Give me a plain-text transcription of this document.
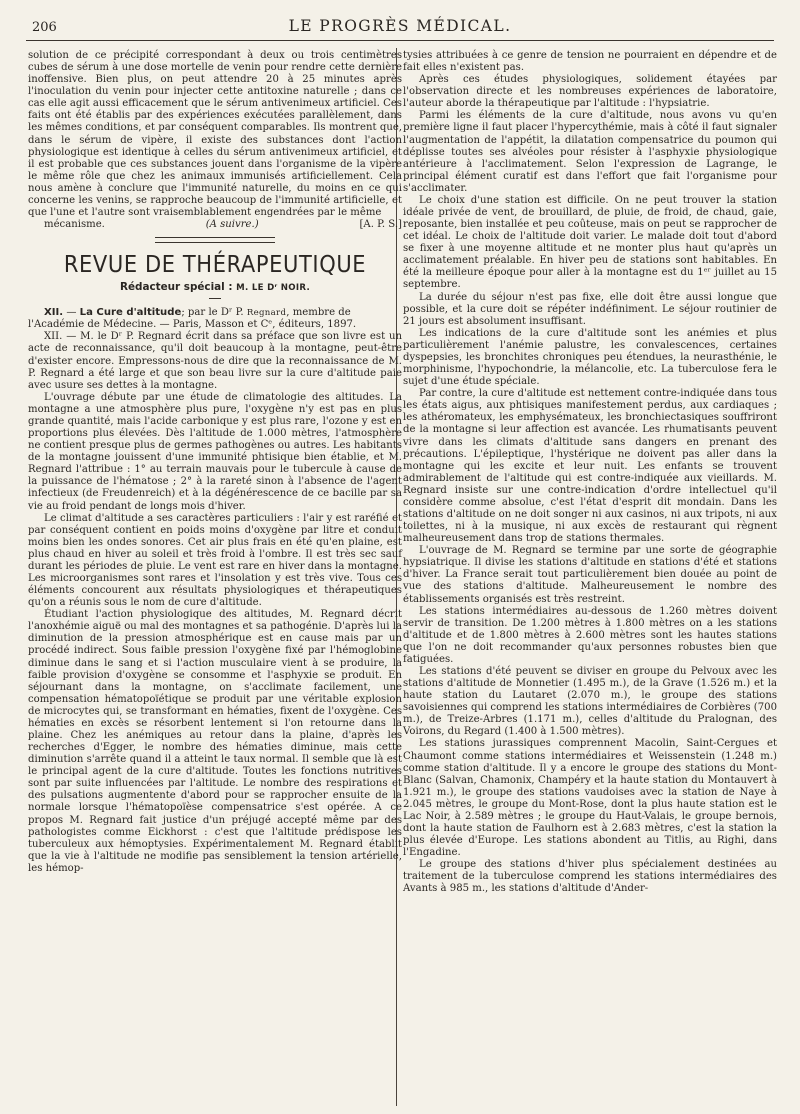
206	LE PROGRÈS MÉDICAL.

solution de ce précipité correspondant à deux ou trois centimètres cubes de sérum à une dose mortelle de venin pour rendre cette dernière inoffensive. Bien plus, on peut attendre 20 à 25 minutes après l'inoculation du venin pour injecter cette antitoxine naturelle ; dans ce cas elle agit aussi efficacement que le sérum antivenimeux artificiel. Ces faits ont été établis par des expériences exécutées parallèlement, dans les mêmes conditions, et par conséquent comparables. Ils montrent que, dans le sérum de vipère, il existe des substances dont l'action physiologique est identique à celles du sérum antivenimeux artificiel, et il est probable que ces substances jouent dans l'organisme de la vipère le même rôle que chez les animaux immunisés artificiellement. Cela nous amène à conclure que l'immunité naturelle, du moins en ce qui concerne les venins, se rapproche beaucoup de l'immunité artificielle, et que l'une et l'autre sont vraisemblablement engendrées par le même

mécanisme.	(A suivre.)	[A. P. S.]

REVUE DE THÉRAPEUTIQUE
Rédacteur spécial : M. LE Dʳ NOIR.

XII. — La Cure d'altitude; par le Dʳ P. Regnard, membre de
l'Académie de Médecine. — Paris, Masson et Cᵉ, éditeurs, 1897.

XII. — M. le Dʳ P. Regnard écrit dans sa préface que son livre est un acte de reconnaissance, qu'il doit beaucoup à la montagne, peut-être d'exister encore. Empressons-nous de dire que la reconnaissance de M. P. Regnard a été large et que son beau livre sur la cure d'altitude paie avec usure ses dettes à la montagne.

L'ouvrage débute par une étude de climatologie des altitudes. La montagne a une atmosphère plus pure, l'oxygène n'y est pas en plus grande quantité, mais l'acide carbonique y est plus rare, l'ozone y est en proportions plus élevées. Dès l'altitude de 1.000 mètres, l'atmosphère ne contient presque plus de germes pathogènes ou autres. Les habitants de la montagne jouissent d'une immunité phtisique bien établie, et M. Regnard l'attribue : 1° au terrain mauvais pour le tubercule à cause de la puissance de l'hématose ; 2° à la rareté sinon à l'absence de l'agent infectieux (de Freudenreich) et à la dégénérescence de ce bacille par sa vie au froid pendant de longs mois d'hiver.

Le climat d'altitude a ses caractères particuliers : l'air y est raréfié et par conséquent contient en poids moins d'oxygène par litre et conduit moins bien les ondes sonores. Cet air plus frais en été qu'en plaine, est plus chaud en hiver au soleil et très froid à l'ombre. Il est très sec sauf durant les périodes de pluie. Le vent est rare en hiver dans la montagne. Les microorganismes sont rares et l'insolation y est très vive. Tous ces éléments concourent aux résultats physiologiques et thérapeutiques qu'on a réunis sous le nom de cure d'altitude.

Étudiant l'action physiologique des altitudes, M. Regnard décrit l'anoxhémie aiguë ou mal des montagnes et sa pathogénie. D'après lui la diminution de la pression atmosphérique est en cause mais par un procédé indirect. Sous faible pression l'oxygène fixé par l'hémoglobine diminue dans le sang et si l'action musculaire vient à se produire, la faible provision d'oxygène se consomme et l'asphyxie se produit. En séjournant dans la montagne, on s'acclimate facilement, une compensation hématopoïétique se produit par une véritable explosion de microcytes qui, se transformant en hématies, fixent de l'oxygène. Ces hématies en excès se résorbent lentement si l'on retourne dans la plaine. Chez les anémiques au retour dans la plaine, d'après les recherches d'Egger, le nombre des hématies diminue, mais cette diminution s'arrête quand il a atteint le taux normal. Il semble que là est le principal agent de la cure d'altitude. Toutes les fonctions nutritives sont par suite influencées par l'altitude. Le nombre des respirations et des pulsations augmentente d'abord pour se rapprocher ensuite de la normale lorsque l'hématopoïèse compensatrice s'est opérée. A ce propos M. Regnard fait justice d'un préjugé accepté même par des pathologistes comme Eickhorst : c'est que l'altitude prédispose les tuberculeux aux hémoptysies. Expérimentalement M. Regnard établit que la vie à l'altitude ne modifie pas sensiblement la tension artérielle, les hémop-

tysies attribuées à ce genre de tension ne pourraient en dépendre et de fait elles n'existent pas.

Après ces études physiologiques, solidement étayées par l'observation directe et les nombreuses expériences de laboratoire, l'auteur aborde la thérapeutique par l'altitude : l'hypsiatrie.

Parmi les éléments de la cure d'altitude, nous avons vu qu'en première ligne il faut placer l'hypercythémie, mais à côté il faut signaler l'augmentation de l'appétit, la dilatation compensatrice du poumon qui déplisse toutes ses alvéoles pour résister à l'asphyxie physiologique antérieure à l'acclimatement. Selon l'expression de Lagrange, le principal élément curatif est dans l'effort que fait l'organisme pour s'acclimater.

Le choix d'une station est difficile. On ne peut trouver la station idéale privée de vent, de brouillard, de pluie, de froid, de chaud, gaie, reposante, bien installée et peu coûteuse, mais on peut se rapprocher de cet idéal. Le choix de l'altitude doit varier. Le malade doit tout d'abord se fixer à une moyenne altitude et ne monter plus haut qu'après un acclimatement préalable. En hiver peu de stations sont habitables. En été la meilleure époque pour aller à la montagne est du 1ᵉʳ juillet au 15 septembre.

La durée du séjour n'est pas fixe, elle doit être aussi longue que possible, et la cure doit se répéter indéfiniment. Le séjour routinier de 21 jours est absolument insuffisant.

Les indications de la cure d'altitude sont les anémies et plus particulièrement l'anémie palustre, les convalescences, certaines dyspepsies, les bronchites chroniques peu étendues, la neurasthénie, le morphinisme, l'hypochondrie, la mélancolie, etc. La tuberculose fera le sujet d'une étude spéciale.

Par contre, la cure d'altitude est nettement contre-indiquée dans tous les états aigus, aux phtisiques manifestement perdus, aux cardiaques ; les athéromateux, les emphysémateux, les bronchiectasiques souffriront de la montagne si leur affection est avancée. Les rhumatisants peuvent vivre dans les climats d'altitude sans dangers en prenant des précautions. L'épileptique, l'hystérique ne doivent pas aller dans la montagne qui les excite et leur nuit. Les enfants se trouvent admirablement de l'altitude qui est contre-indiquée aux vieillards. M. Regnard insiste sur une contre-indication d'ordre intellectuel qu'il considère comme absolue, c'est l'état d'esprit dit mondain. Dans les stations d'altitude on ne doit songer ni aux casinos, ni aux tripots, ni aux toilettes, ni à la musique, ni aux excès de restaurant qui règnent malheureusement dans trop de stations thermales.

L'ouvrage de M. Regnard se termine par une sorte de géographie hypsiatrique. Il divise les stations d'altitude en stations d'été et stations d'hiver. La France serait tout particulièrement bien douée au point de vue des stations d'altitude. Malheureusement le nombre des établissements organisés est très restreint.

Les stations intermédiaires au-dessous de 1.260 mètres doivent servir de transition. De 1.200 mètres à 1.800 mètres on a les stations d'altitude et de 1.800 mètres à 2.600 mètres sont les hautes stations que l'on ne doit recommander qu'aux personnes robustes bien que fatiguées.

Les stations d'été peuvent se diviser en groupe du Pelvoux avec les stations d'altitude de Monnetier (1.495 m.), de la Grave (1.526 m.) et la haute station du Lautaret (2.070 m.), le groupe des stations savoisiennes qui comprend les stations intermédiaires de Corbières (700 m.), de Treize-Arbres (1.171 m.), celles d'altitude du Pralognan, des Voirons, du Regard (1.400 à 1.500 mètres).

Les stations jurassiques comprennent Macolin, Saint-Cergues et Chaumont comme stations intermédiaires et Weissenstein (1.248 m.) comme station d'altitude. Il y a encore le groupe des stations du Mont-Blanc (Salvan, Chamonix, Champéry et la haute station du Montauvert à 1.921 m.), le groupe des stations vaudoises avec la station de Naye à 2.045 mètres, le groupe du Mont-Rose, dont la plus haute station est le Lac Noir, à 2.589 mètres ; le groupe du Haut-Valais, le groupe bernois, dont la haute station de Faulhorn est à 2.683 mètres, c'est la station la plus élevée d'Europe. Les stations abondent au Titlis, au Righi, dans l'Engadine.

Le groupe des stations d'hiver plus spécialement destinées au traitement de la tuberculose comprend les stations intermédiaires des Avants à 985 m., les stations d'altitude d'Ander-
